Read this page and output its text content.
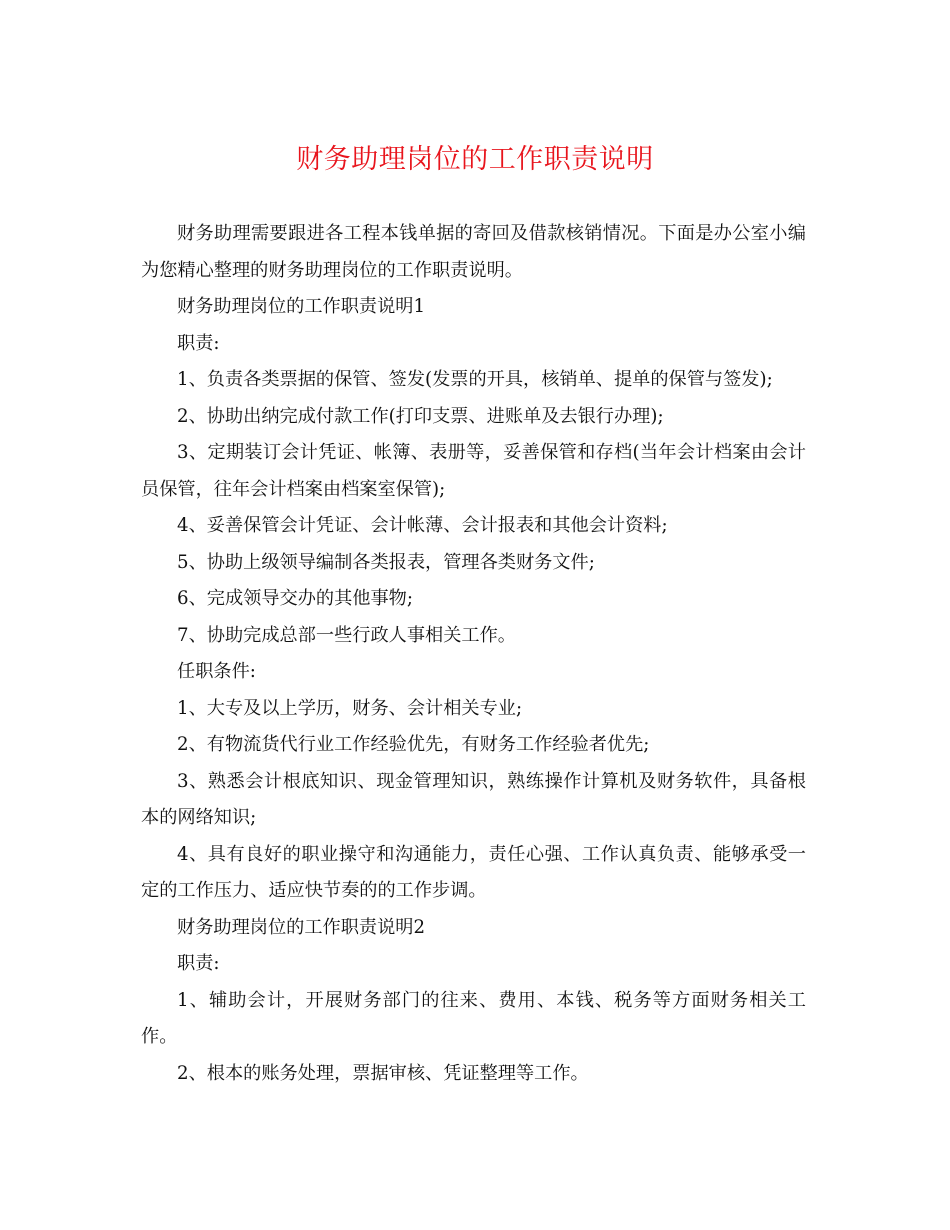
财务助理岗位的工作职责说明

财务助理需要跟进各工程本钱单据的寄回及借款核销情况。下面是办公室小编为您精心整理的财务助理岗位的工作职责说明。

财务助理岗位的工作职责说明1

职责:

1、负责各类票据的保管、签发(发票的开具，核销单、提单的保管与签发);

2、协助出纳完成付款工作(打印支票、进账单及去银行办理);

3、定期装订会计凭证、帐簿、表册等，妥善保管和存档(当年会计档案由会计员保管，往年会计档案由档案室保管);

4、妥善保管会计凭证、会计帐薄、会计报表和其他会计资料;

5、协助上级领导编制各类报表，管理各类财务文件;

6、完成领导交办的其他事物;

7、协助完成总部一些行政人事相关工作。

任职条件:

1、大专及以上学历，财务、会计相关专业;

2、有物流货代行业工作经验优先，有财务工作经验者优先;

3、熟悉会计根底知识、现金管理知识，熟练操作计算机及财务软件，具备根本的网络知识;

4、具有良好的职业操守和沟通能力，责任心强、工作认真负责、能够承受一定的工作压力、适应快节奏的的工作步调。

财务助理岗位的工作职责说明2

职责:

1、辅助会计，开展财务部门的往来、费用、本钱、税务等方面财务相关工作。

2、根本的账务处理，票据审核、凭证整理等工作。
